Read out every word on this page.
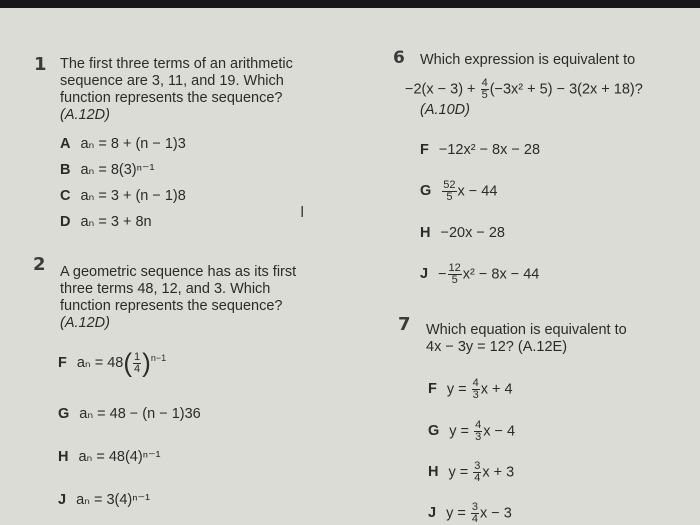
1 The first three terms of an arithmetic
sequence are 3, 11, and 19. Which
function represents the sequence?
(A.12D)
A aₙ = 8 + (n − 1)3
B aₙ = 8(3)ⁿ⁻¹
C aₙ = 3 + (n − 1)8
D aₙ = 3 + 8n
I
2 A geometric sequence has as its first
three terms 48, 12, and 3. Which
function represents the sequence?
(A.12D)
F $a_n = 48( \frac{1}{4} )^{n-1}$
G aₙ = 48 − (n − 1)36
H aₙ = 48(4)ⁿ⁻¹
J aₙ = 3(4)ⁿ⁻¹
6 Which expression is equivalent to
$-2(x - 3) + \frac{4}{5} (-3x^2 + 5) - 3(2x + 18)$?
(A.10D)
F −12x² − 8x − 28
G $\frac{52}{5}$ x − 44
H −20x − 28
$J - \frac{12}{5} x^2 - 8x - 44$
7 Which equation is equivalent to
4x − 3y = 12? (A.12E)
F $y = \frac{4}{3}$ x + 4
G $y = \frac{4}{3}$ x − 4
H $y = \frac{3}{4}$ x + 3
J $y = \frac{3}{4}$ x − 3
